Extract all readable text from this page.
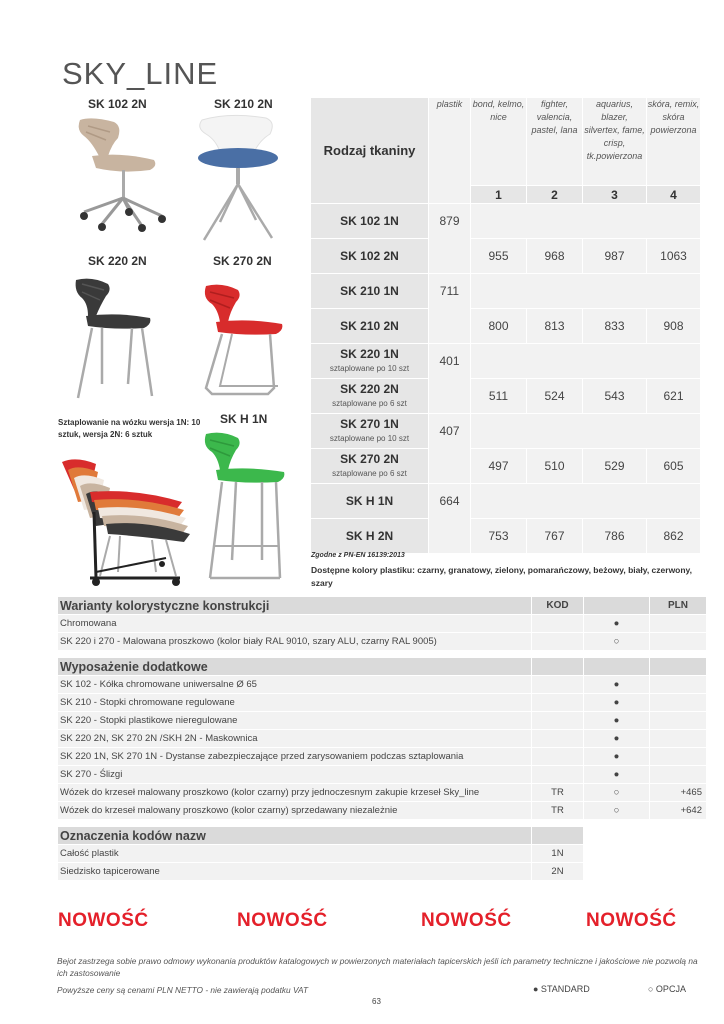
SKY_LINE
SK 102 2N	SK 210 2N
SK 220 2N	SK 270 2N
SK H 1N
Sztaplowanie na wózku wersja 1N: 10 sztuk, wersja 2N: 6 sztuk
Rodzaj tkaniny	plastik	bond, kelmo, nice	fighter, valencia, pastel, lana	aquarius, blazer, silvertex, fame, crisp, tk.powierzona	skóra, remix, skóra powierzona
		1	2	3	4
SK 102 1N	879				
SK 102 2N		955	968	987	1063
SK 210 1N	711				
SK 210 2N		800	813	833	908
SK 220 1N
sztaplowane po 10 szt	401				
SK 220 2N
sztaplowane po 6 szt		511	524	543	621
SK 270 1N
sztaplowane po 10 szt	407				
SK 270 2N
sztaplowane po 6 szt		497	510	529	605
SK H 1N	664				
SK H 2N		753	767	786	862
Zgodne z PN-EN 16139:2013
Dostępne kolory plastiku: czarny, granatowy, zielony, pomarańczowy, beżowy, biały, czerwony, szary
Warianty kolorystyczne konstrukcji	KOD		PLN
Chromowana		●	
SK 220 i 270 - Malowana proszkowo (kolor biały RAL 9010, szary ALU, czarny RAL 9005)		○	

Wyposażenie dodatkowe			
SK 102 - Kółka chromowane uniwersalne Ø 65		●	
SK 210 - Stopki chromowane regulowane		●	
SK 220 - Stopki plastikowe nieregulowane		●	
SK 220 2N, SK 270 2N /SKH 2N - Maskownica		●	
SK 220 1N, SK 270 1N - Dystanse zabezpieczające przed zarysowaniem podczas sztaplowania		●	
SK 270 - Ślizgi		●	
Wózek do krzeseł malowany proszkowo (kolor czarny) przy jednoczesnym zakupie krzeseł Sky_line	TR	○	+465
Wózek do krzeseł malowany proszkowo (kolor czarny) sprzedawany niezależnie	TR	○	+642

Oznaczenia kodów nazw			
Całość plastik	1N		
Siedzisko tapicerowane	2N		
NOWOŚĆ	NOWOŚĆ	NOWOŚĆ	NOWOŚĆ
Bejot zastrzega sobie prawo odmowy wykonania produktów katalogowych w powierzonych materiałach tapicerskich jeśli ich parametry techniczne i jakościowe nie pozwolą na ich zastosowanie
Powyższe ceny są cenami PLN NETTO - nie zawierają podatku VAT	● STANDARD	○ OPCJA
63
